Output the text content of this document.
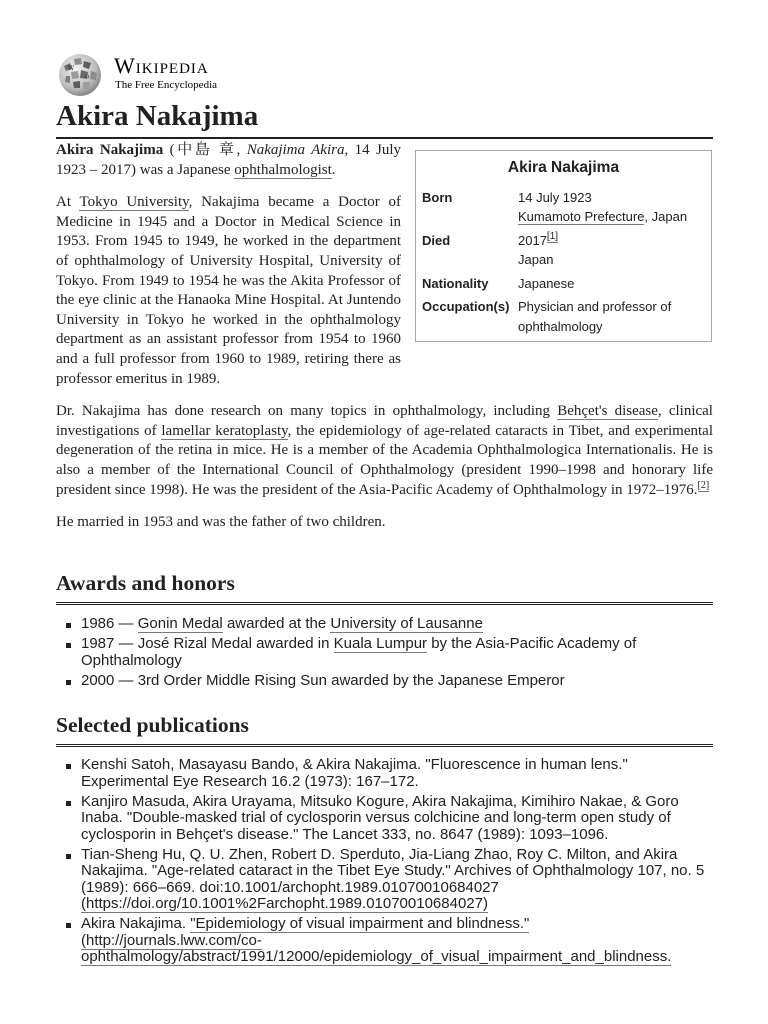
W
Ω Wikipedia
The Free Encyclopedia
Akira Nakajima
Akira Nakajima
Born	14 July 1923
Kumamoto Prefecture, Japan
Died	2017[1]
Japan
Nationality	Japanese
Occupation(s) Physician and professor of ophthalmology

Akira Nakajima (中島 章, Nakajima Akira, 14 July 1923 – 2017) was a Japanese ophthalmologist.

At Tokyo University, Nakajima became a Doctor of Medicine in 1945 and a Doctor in Medical Science in 1953. From 1945 to 1949, he worked in the department of ophthalmology of University Hospital, University of Tokyo. From 1949 to 1954 he was the Akita Professor of the eye clinic at the Hanaoka Mine Hospital. At Juntendo University in Tokyo he worked in the ophthalmology department as an assistant professor from 1954 to 1960 and a full professor from 1960 to 1989, retiring there as professor emeritus in 1989.

Dr. Nakajima has done research on many topics in ophthalmology, including Behçet's disease, clinical investigations of lamellar keratoplasty, the epidemiology of age-related cataracts in Tibet, and experimental degeneration of the retina in mice. He is a member of the Academia Ophthalmologica Internationalis. He is also a member of the International Council of Ophthalmology (president 1990–1998 and honorary life president since 1998). He was the president of the Asia-Pacific Academy of Ophthalmology in 1972–1976.[2]

He married in 1953 and was the father of two children.

Awards and honors
1986 — Gonin Medal awarded at the University of Lausanne
1987 — José Rizal Medal awarded in Kuala Lumpur by the Asia-Pacific Academy of Ophthalmology
2000 — 3rd Order Middle Rising Sun awarded by the Japanese Emperor
Selected publications
Kenshi Satoh, Masayasu Bando, & Akira Nakajima. "Fluorescence in human lens." Experimental Eye Research 16.2 (1973): 167–172.
Kanjiro Masuda, Akira Urayama, Mitsuko Kogure, Akira Nakajima, Kimihiro Nakae, & Goro Inaba. "Double-masked trial of cyclosporin versus colchicine and long-term open study of cyclosporin in Behçet's disease." The Lancet 333, no. 8647 (1989): 1093–1096.
Tian-Sheng Hu, Q. U. Zhen, Robert D. Sperduto, Jia-Liang Zhao, Roy C. Milton, and Akira Nakajima. "Age-related cataract in the Tibet Eye Study." Archives of Ophthalmology 107, no. 5 (1989): 666–669. doi:10.1001/archopht.1989.01070010684027 (https://doi.org/10.1001%2Farchopht.1989.01070010684027)
Akira Nakajima. "Epidemiology of visual impairment and blindness." (http://journals.lww.com/co-ophthalmology/abstract/1991/12000/epidemiology_of_visual_impairment_and_blindness.
